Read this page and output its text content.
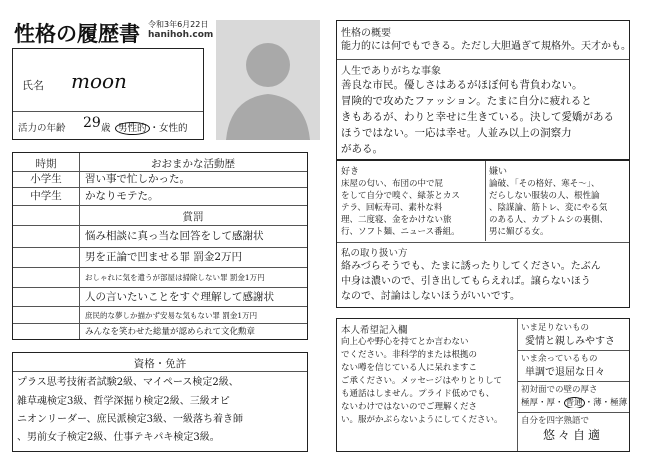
性格の履歴書 令和3年6月22日
hanihoh.com
氏名 moon
活力の年齢 29 歳 男性的 ・女性的
時期	おおまかな活動歴
小学生	習い事で忙しかった。
中学生	かなりモテた。
賞罰
悩み相談に真っ当な回答をして感謝状
男を正論で凹ませる罪 罰金2万円
おしゃれに気を遣うが部屋は掃除しない罪 罰金1万円
人の言いたいことをすぐ理解して感謝状
庶民的な夢しか描かず安易な気もない罪 罰金1万円
みんなを笑わせた総量が認められて文化勲章
資格・免許
プラス思考技術者試験2級、マイペース検定2級、
雑草魂検定3級、哲学深掘り検定2級、三級オピ
ニオンリーダー、庶民派検定3級、一級落ち着き師
、男前女子検定2級、仕事テキパキ検定3級。
性格の概要
能力的には何でもできる。ただし大胆過ぎて規格外。天才かも。
人生でありがちな事象
善良な市民。優しさはあるがほぼ何も背負わない。
冒険的で攻めたファッション。たまに自分に疲れると
きもあるが、わりと幸せに生きている。決して愛嬌がある
ほうではない。一応は幸せ。人並み以上の洞察力
がある。
好き
床屋の匂い、布団の中で屁
をして自分で嗅ぐ、緑茶とカス
テラ、回転寿司、素朴な料
理、二度寝、金をかけない旅
行、ソフト麺、ニュース番組。
嫌い
論破、「その格好、寒そ〜」、
だらしない服装の人、根性論
、陰謀論、筋トレ、変にやる気
のある人、カブトムシの裏側、
男に媚びる女。
私の取り扱い方
絡みづらそうでも、たまに誘ったりしてください。たぶん
中身は濃いので、引き出してもらえれば。譲らないほう
なので、討論はしないほうがいいです。
本人希望記入欄
向上心や野心を持てとか言わない
でください。非科学的または根拠の
ない噂を信じている人に呆れますこ
ご承ください。メッセージはやりとりして
も通話はしません。プライド低めでも、
ないわけではないのでご理解くださ
い。服がかぶらないようにしてください。
いま足りないもの
愛情と親しみやすさ
いま余っているもの
単調で退屈な日々
初対面での壁の厚さ
極厚・厚・ 普通 ・薄・極薄
自分を四字熟語で
悠々自適
